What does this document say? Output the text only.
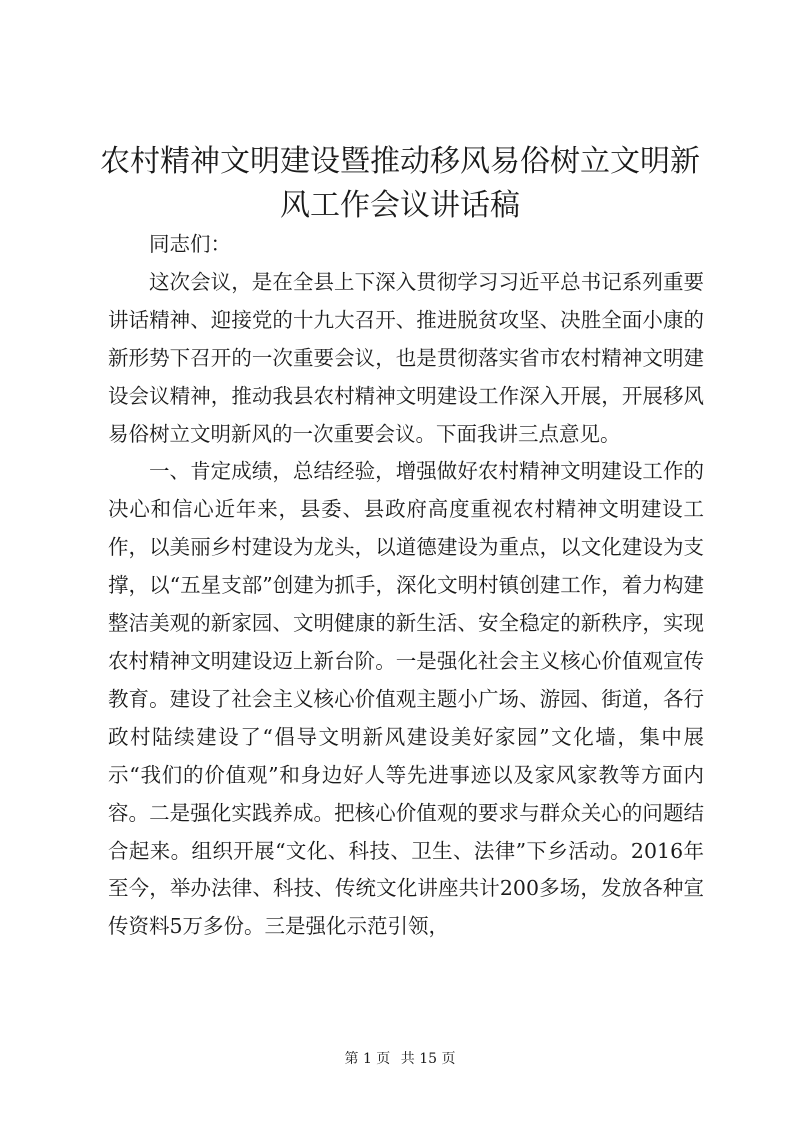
农村精神文明建设暨推动移风易俗树立文明新
风工作会议讲话稿

同志们：

这次会议，是在全县上下深入贯彻学习习近平总书记系列重要讲话精神、迎接党的十九大召开、推进脱贫攻坚、决胜全面小康的新形势下召开的一次重要会议，也是贯彻落实省市农村精神文明建设会议精神，推动我县农村精神文明建设工作深入开展，开展移风易俗树立文明新风的一次重要会议。下面我讲三点意见。

一、肯定成绩，总结经验，增强做好农村精神文明建设工作的决心和信心近年来，县委、县政府高度重视农村精神文明建设工作，以美丽乡村建设为龙头，以道德建设为重点，以文化建设为支撑，以“五星支部”创建为抓手，深化文明村镇创建工作，着力构建整洁美观的新家园、文明健康的新生活、安全稳定的新秩序，实现农村精神文明建设迈上新台阶。一是强化社会主义核心价值观宣传教育。建设了社会主义核心价值观主题小广场、游园、街道，各行政村陆续建设了“倡导文明新风建设美好家园”文化墙，集中展示“我们的价值观”和身边好人等先进事迹以及家风家教等方面内容。二是强化实践养成。把核心价值观的要求与群众关心的问题结合起来。组织开展“文化、科技、卫生、法律”下乡活动。2016年至今，举办法律、科技、传统文化讲座共计200多场，发放各种宣传资料5万多份。三是强化示范引领，

第 1 页 共 15 页
